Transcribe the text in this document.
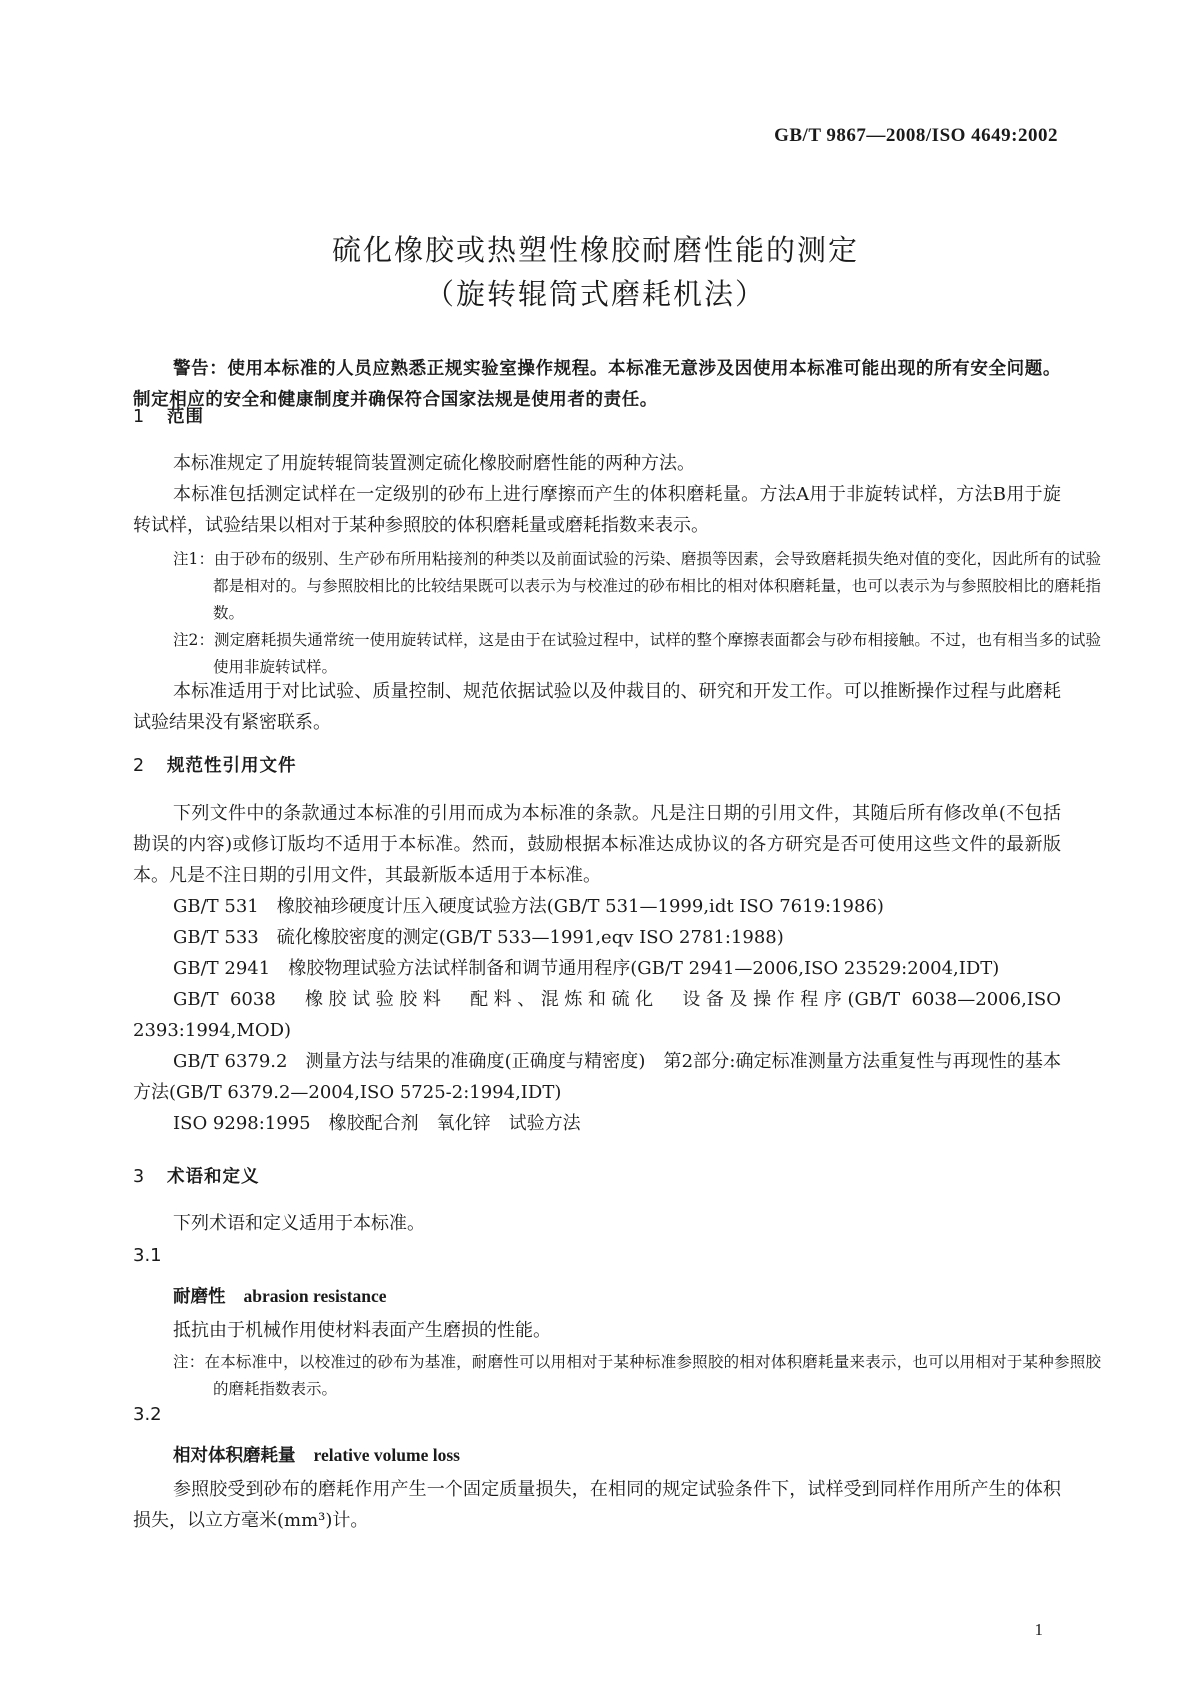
GB/T 9867—2008/ISO 4649:2002
硫化橡胶或热塑性橡胶耐磨性能的测定
（旋转辊筒式磨耗机法）
警告：使用本标准的人员应熟悉正规实验室操作规程。本标准无意涉及因使用本标准可能出现的所有安全问题。制定相应的安全和健康制度并确保符合国家法规是使用者的责任。
1 范围
本标准规定了用旋转辊筒装置测定硫化橡胶耐磨性能的两种方法。
本标准包括测定试样在一定级别的砂布上进行摩擦而产生的体积磨耗量。方法A用于非旋转试样，方法B用于旋转试样，试验结果以相对于某种参照胶的体积磨耗量或磨耗指数来表示。
注1：由于砂布的级别、生产砂布所用粘接剂的种类以及前面试验的污染、磨损等因素，会导致磨耗损失绝对值的变化，因此所有的试验都是相对的。与参照胶相比的比较结果既可以表示为与校准过的砂布相比的相对体积磨耗量，也可以表示为与参照胶相比的磨耗指数。
注2：测定磨耗损失通常统一使用旋转试样，这是由于在试验过程中，试样的整个摩擦表面都会与砂布相接触。不过，也有相当多的试验使用非旋转试样。
本标准适用于对比试验、质量控制、规范依据试验以及仲裁目的、研究和开发工作。可以推断操作过程与此磨耗试验结果没有紧密联系。
2 规范性引用文件
下列文件中的条款通过本标准的引用而成为本标准的条款。凡是注日期的引用文件，其随后所有修改单(不包括勘误的内容)或修订版均不适用于本标准。然而，鼓励根据本标准达成协议的各方研究是否可使用这些文件的最新版本。凡是不注日期的引用文件，其最新版本适用于本标准。
GB/T 531　橡胶袖珍硬度计压入硬度试验方法(GB/T 531—1999,idt ISO 7619:1986)
GB/T 533　硫化橡胶密度的测定(GB/T 533—1991,eqv ISO 2781:1988)
GB/T 2941　橡胶物理试验方法试样制备和调节通用程序(GB/T 2941—2006,ISO 23529:2004,IDT)
GB/T 6038　橡胶试验胶料　配料、混炼和硫化　设备及操作程序(GB/T 6038—2006,ISO 2393:1994,MOD)
GB/T 6379.2　测量方法与结果的准确度(正确度与精密度)　第2部分:确定标准测量方法重复性与再现性的基本方法(GB/T 6379.2—2004,ISO 5725-2:1994,IDT)
ISO 9298:1995　橡胶配合剂　氧化锌　试验方法
3 术语和定义
下列术语和定义适用于本标准。
3.1
耐磨性 abrasion resistance
抵抗由于机械作用使材料表面产生磨损的性能。
注：在本标准中，以校准过的砂布为基准，耐磨性可以用相对于某种标准参照胶的相对体积磨耗量来表示，也可以用相对于某种参照胶的磨耗指数表示。
3.2
相对体积磨耗量 relative volume loss
参照胶受到砂布的磨耗作用产生一个固定质量损失，在相同的规定试验条件下，试样受到同样作用所产生的体积损失，以立方毫米(mm³)计。
1
